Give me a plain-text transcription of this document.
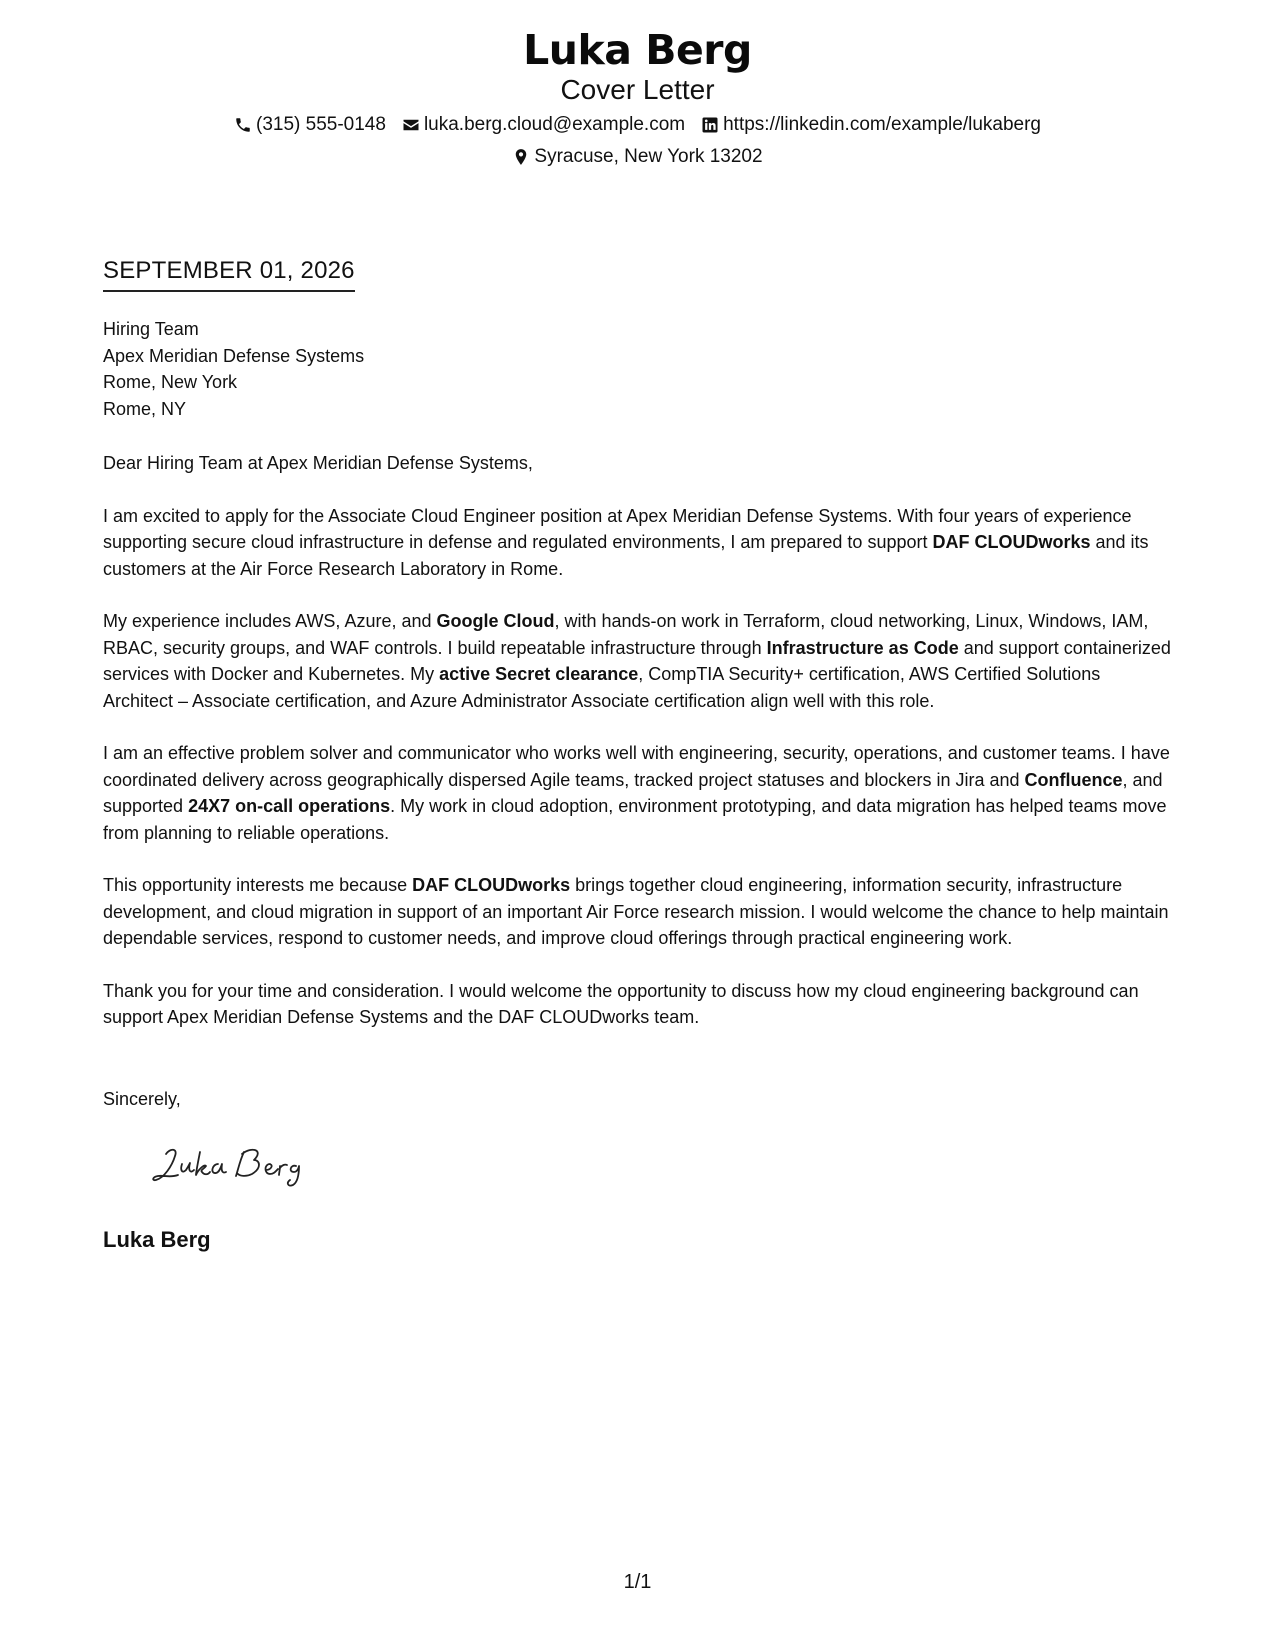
Luka Berg
Cover Letter
(315) 555-0148 luka.berg.cloud@example.com https://linkedin.com/example/lukaberg
Syracuse, New York 13202
SEPTEMBER 01, 2026
Hiring Team
Apex Meridian Defense Systems
Rome, New York
Rome, NY

Dear Hiring Team at Apex Meridian Defense Systems,

I am excited to apply for the Associate Cloud Engineer position at Apex Meridian Defense Systems. With four years of experience supporting secure cloud infrastructure in defense and regulated environments, I am prepared to support DAF CLOUDworks and its customers at the Air Force Research Laboratory in Rome.

My experience includes AWS, Azure, and Google Cloud, with hands-on work in Terraform, cloud networking, Linux, Windows, IAM, RBAC, security groups, and WAF controls. I build repeatable infrastructure through Infrastructure as Code and support containerized services with Docker and Kubernetes. My active Secret clearance, CompTIA Security+ certification, AWS Certified Solutions Architect – Associate certification, and Azure Administrator Associate certification align well with this role.

I am an effective problem solver and communicator who works well with engineering, security, operations, and customer teams. I have coordinated delivery across geographically dispersed Agile teams, tracked project statuses and blockers in Jira and Confluence, and supported 24X7 on-call operations. My work in cloud adoption, environment prototyping, and data migration has helped teams move from planning to reliable operations.

This opportunity interests me because DAF CLOUDworks brings together cloud engineering, information security, infrastructure development, and cloud migration in support of an important Air Force research mission. I would welcome the chance to help maintain dependable services, respond to customer needs, and improve cloud offerings through practical engineering work.

Thank you for your time and consideration. I would welcome the opportunity to discuss how my cloud engineering background can support Apex Meridian Defense Systems and the DAF CLOUDworks team.

Sincerely,
Luka Berg
1/1
